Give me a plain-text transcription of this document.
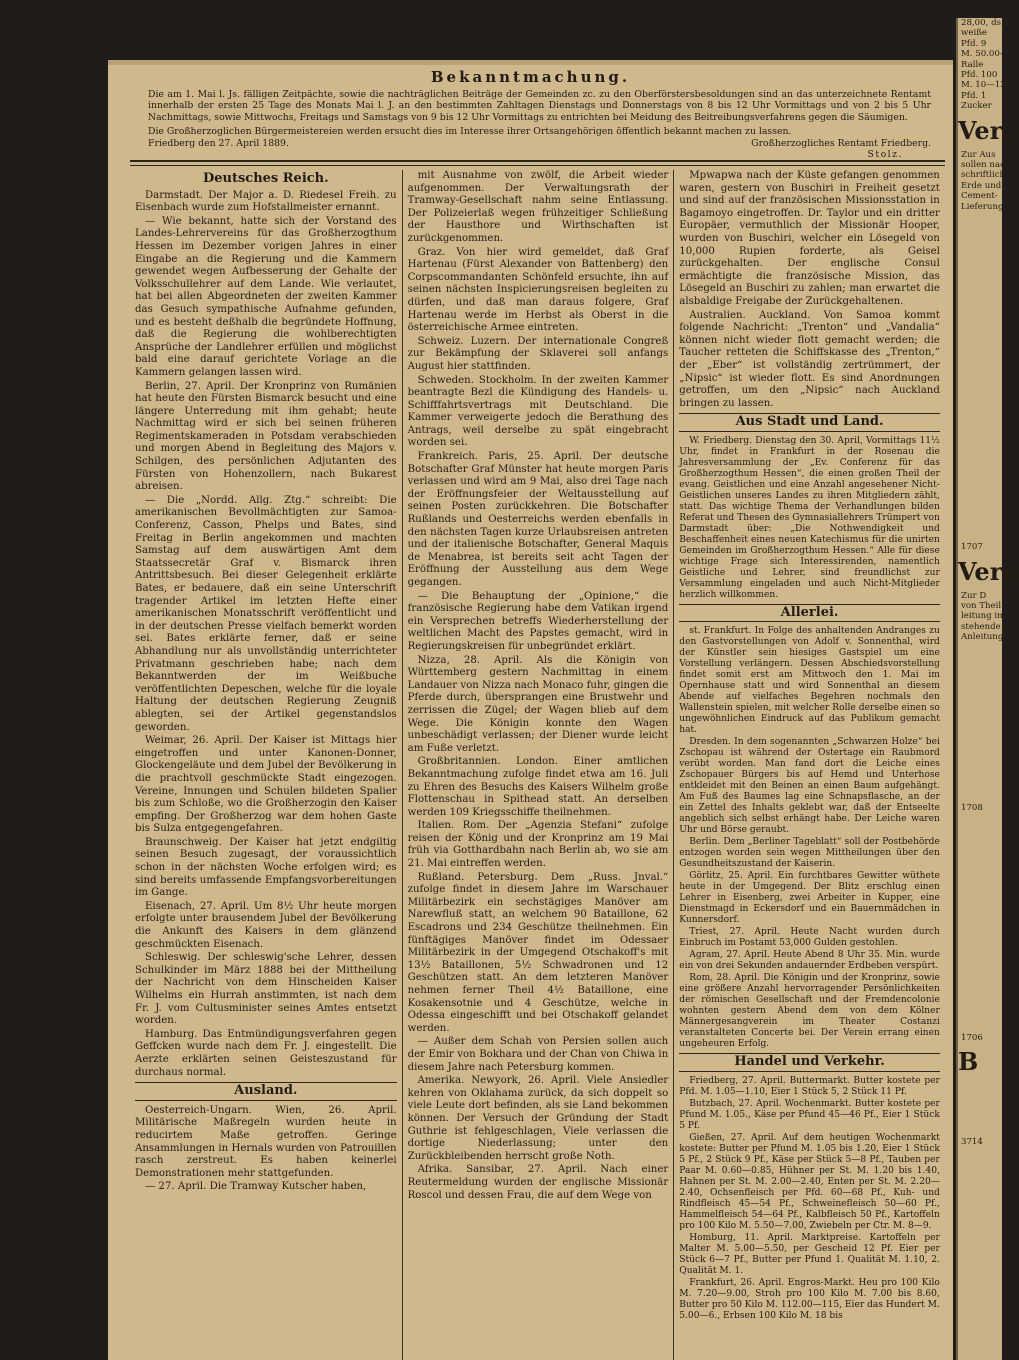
Bekanntmachung.
Die am 1. Mai l. Js. fälligen Zeitpächte, sowie die nachträglichen Beiträge der Gemeinden zc. zu den Oberförstersbesoldungen sind an das unterzeichnete Rentamt innerhalb der ersten 25 Tage des Monats Mai l. J. an den bestimmten Zahltagen Dienstags und Donnerstags von 8 bis 12 Uhr Vormittags und von 2 bis 5 Uhr Nachmittags, sowie Mittwochs, Freitags und Samstags von 9 bis 12 Uhr Vormittags zu entrichten bei Meidung des Beitreibungsverfahrens gegen die Säumigen.
Die Großherzoglichen Bürgermeistereien werden ersucht dies im Interesse ihrer Ortsangehörigen öffentlich bekannt machen zu lassen.
Friedberg den 27. April 1889.	Großherzogliches Rentamt Friedberg.
Stolz.
Deutsches Reich.

Darmstadt. Der Major a. D. Riedesel Freih. zu Eisenbach wurde zum Hofstallmeister ernannt.

— Wie bekannt, hatte sich der Vorstand des Landes-Lehrervereins für das Großherzogthum Hessen im Dezember vorigen Jahres in einer Eingabe an die Regierung und die Kammern gewendet wegen Aufbesserung der Gehalte der Volksschullehrer auf dem Lande. Wie verlautet, hat bei allen Abgeordneten der zweiten Kammer das Gesuch sympathische Aufnahme gefunden, und es besteht deßhalb die begründete Hoffnung, daß die Regierung die wohlberechtigten Ansprüche der Landlehrer erfüllen und möglichst bald eine darauf gerichtete Vorlage an die Kammern gelangen lassen wird.

Berlin, 27. April. Der Kronprinz von Rumänien hat heute den Fürsten Bismarck besucht und eine längere Unterredung mit ihm gehabt; heute Nachmittag wird er sich bei seinen früheren Regimentskameraden in Potsdam verabschieden und morgen Abend in Begleitung des Majors v. Schilgen, des persönlichen Adjutanten des Fürsten von Hohenzollern, nach Bukarest abreisen.

— Die „Nordd. Allg. Ztg.“ schreibt: Die amerikanischen Bevollmächtigten zur Samoa-Conferenz, Casson, Phelps und Bates, sind Freitag in Berlin angekommen und machten Samstag auf dem auswärtigen Amt dem Staatssecretär Graf v. Bismarck ihren Antrittsbesuch. Bei dieser Gelegenheit erklärte Bates, er bedauere, daß ein seine Unterschrift tragender Artikel im letzten Hefte einer amerikanischen Monatsschrift veröffentlicht und in der deutschen Presse vielfach bemerkt worden sei. Bates erklärte ferner, daß er seine Abhandlung nur als unvollständig unterrichteter Privatmann geschrieben habe; nach dem Bekanntwerden der im Weißbuche veröffentlichten Depeschen, welche für die loyale Haltung der deutschen Regierung Zeugniß ablegten, sei der Artikel gegenstandslos geworden.

Weimar, 26. April. Der Kaiser ist Mittags hier eingetroffen und unter Kanonen-Donner, Glockengeläute und dem Jubel der Bevölkerung in die prachtvoll geschmückte Stadt eingezogen. Vereine, Innungen und Schulen bildeten Spalier bis zum Schloße, wo die Großherzogin den Kaiser empfing. Der Großherzog war dem hohen Gaste bis Sulza entgegengefahren.

Braunschweig. Der Kaiser hat jetzt endgiltig seinen Besuch zugesagt, der voraussichtlich schon in der nächsten Woche erfolgen wird; es sind bereits umfassende Empfangsvorbereitungen im Gange.

Eisenach, 27. April. Um 8½ Uhr heute morgen erfolgte unter brausendem Jubel der Bevölkerung die Ankunft des Kaisers in dem glänzend geschmückten Eisenach.

Schleswig. Der schleswig'sche Lehrer, dessen Schulkinder im März 1888 bei der Mittheilung der Nachricht von dem Hinscheiden Kaiser Wilhelms ein Hurrah anstimmten, ist nach dem Fr. J. vom Cultusminister seines Amtes entsetzt worden.

Hamburg. Das Entmündigungsverfahren gegen Geffcken wurde nach dem Fr. J. eingestellt. Die Aerzte erklärten seinen Geisteszustand für durchaus normal.

Ausland.

Oesterreich-Ungarn. Wien, 26. April. Militärische Maßregeln wurden heute in reducirtem Maße getroffen. Geringe Ansammlungen in Hernals wurden von Patrouillen rasch zerstreut. Es haben keinerlei Demonstrationen mehr stattgefunden.

— 27. April. Die Tramway Kutscher haben,

mit Ausnahme von zwölf, die Arbeit wieder aufgenommen. Der Verwaltungsrath der Tramway-Gesellschaft nahm seine Entlassung. Der Polizeierlaß wegen frühzeitiger Schließung der Hausthore und Wirthschaften ist zurückgenommen.

Graz. Von hier wird gemeldet, daß Graf Hartenau (Fürst Alexander von Battenberg) den Corpscommandanten Schönfeld ersuchte, ihn auf seinen nächsten Inspicierungsreisen begleiten zu dürfen, und daß man daraus folgere, Graf Hartenau werde im Herbst als Oberst in die österreichische Armee eintreten.

Schweiz. Luzern. Der internationale Congreß zur Bekämpfung der Sklaverei soll anfangs August hier stattfinden.

Schweden. Stockholm. In der zweiten Kammer beantragte Bezl die Kündigung des Handels- u. Schifffahrtsvertrags mit Deutschland. Die Kammer verweigerte jedoch die Berathung des Antrags, weil derselbe zu spät eingebracht worden sei.

Frankreich. Paris, 25. April. Der deutsche Botschafter Graf Münster hat heute morgen Paris verlassen und wird am 9 Mai, also drei Tage nach der Eröffnungsfeier der Weltausstellung auf seinen Posten zurückkehren. Die Botschafter Rußlands und Oesterreichs werden ebenfalls in den nächsten Tagen kurze Urlaubsreisen antreten und der italienische Botschafter, General Maquis de Menabrea, ist bereits seit acht Tagen der Eröffnung der Ausstellung aus dem Wege gegangen.

— Die Behauptung der „Opinione,“ die französische Regierung habe dem Vatikan irgend ein Versprechen betreffs Wiederherstellung der weltlichen Macht des Papstes gemacht, wird in Regierungskreisen für unbegründet erklärt.

Nizza, 28. April. Als die Königin von Württemberg gestern Nachmittag in einem Landauer von Nizza nach Monaco fuhr, gingen die Pferde durch, übersprangen eine Brustwehr und zerrissen die Zügel; der Wagen blieb auf dem Wege. Die Königin konnte den Wagen unbeschädigt verlassen; der Diener wurde leicht am Fuße verletzt.

Großbritannien. London. Einer amtlichen Bekanntmachung zufolge findet etwa am 16. Juli zu Ehren des Besuchs des Kaisers Wilhelm große Flottenschau in Spithead statt. An derselben werden 109 Kriegsschiffe theilnehmen.

Italien. Rom. Der „Agenzia Stefani“ zufolge reisen der König und der Kronprinz am 19 Mai früh via Gotthardbahn nach Berlin ab, wo sie am 21. Mai eintreffen werden.

Rußland. Petersburg. Dem „Russ. Jnval.“ zufolge findet in diesem Jahre im Warschauer Militärbezirk ein sechstägiges Manöver am Narewfluß statt, an welchem 90 Bataillone, 62 Escadrons und 234 Geschütze theilnehmen. Ein fünftägiges Manöver findet im Odessaer Militärbezirk in der Umgegend Otschakoff's mit 13½ Bataillonen, 5½ Schwadronen und 12 Geschützen statt. An dem letzteren Manöver nehmen ferner Theil 4½ Bataillone, eine Kosakensotnie und 4 Geschütze, welche in Odessa eingeschifft und bei Otschakoff gelandet werden.

— Außer dem Schah von Persien sollen auch der Emir von Bokhara und der Chan von Chiwa in diesem Jahre nach Petersburg kommen.

Amerika. Newyork, 26. April. Viele Ansiedler kehren von Oklahama zurück, da sich doppelt so viele Leute dort befinden, als sie Land bekommen können. Der Versuch der Gründung der Stadt Guthrie ist fehlgeschlagen, Viele verlassen die dortige Niederlassung; unter den Zurückbleibenden herrscht große Noth.

Afrika. Sansibar, 27. April. Nach einer Reutermeldung wurden der englische Missionär Roscol und dessen Frau, die auf dem Wege von

Mpwapwa nach der Küste gefangen genommen waren, gestern von Buschiri in Freiheit gesetzt und sind auf der französischen Missionsstation in Bagamoyo eingetroffen. Dr. Taylor und ein dritter Europäer, vermuthlich der Missionär Hooper, wurden von Buschiri, welcher ein Lösegeld von 10,000 Rupien forderte, als Geisel zurückgehalten. Der englische Consul ermächtigte die französische Mission, das Lösegeld an Buschiri zu zahlen; man erwartet die alsbaldige Freigabe der Zurückgehaltenen.

Australien. Auckland. Von Samoa kommt folgende Nachricht: „Trenton“ und „Vandalia“ können nicht wieder flott gemacht werden; die Taucher retteten die Schiffskasse des „Trenton,“ der „Eber“ ist vollständig zertrümmert, der „Nipsic“ ist wieder flott. Es sind Anordnungen getroffen, um den „Nipsic“ nach Auckland bringen zu lassen.

Aus Stadt und Land.

W. Friedberg. Dienstag den 30. April, Vormittags 11½ Uhr, findet in Frankfurt in der Rosenau die Jahresversammlung der „Ev. Conferenz für das Großherzogthum Hessen“, die einen großen Theil der evang. Geistlichen und eine Anzahl angesehener Nicht-Geistlichen unseres Landes zu ihren Mitgliedern zählt, statt. Das wichtige Thema der Verhandlungen bilden Referat und Thesen des Gymnasiallehrers Trümpert von Darmstadt über: „Die Nothwendigkeit und Beschaffenheit eines neuen Katechismus für die unirten Gemeinden im Großherzogthum Hessen.“ Alle für diese wichtige Frage sich Interessirenden, namentlich Geistliche und Lehrer, sind freundlichst zur Versammlung eingeladen und auch Nicht-Mitglieder herzlich willkommen.

Allerlei.

st. Frankfurt. In Folge des anhaltenden Andranges zu den Gastvorstellungen von Adolf v. Sonnenthal, wird der Künstler sein hiesiges Gastspiel um eine Vorstellung verlängern. Dessen Abschiedsvorstellung findet somit erst am Mittwoch den 1. Mai im Opernhause statt und wird Sonnenthal an diesem Abende auf vielfaches Begehren nochmals den Wallenstein spielen, mit welcher Rolle derselbe einen so ungewöhnlichen Eindruck auf das Publikum gemacht hat.

Dresden. In dem sogenannten „Schwarzen Holze“ bei Zschopau ist während der Ostertage ein Raubmord verübt worden. Man fand dort die Leiche eines Zschopauer Bürgers bis auf Hemd und Unterhose entkleidet mit den Beinen an einen Baum aufgehängt. Am Fuß des Baumes lag eine Schnapsflasche, an der ein Zettel des Inhalts geklebt war, daß der Entseelte angeblich sich selbst erhängt habe. Der Leiche waren Uhr und Börse geraubt.

Berlin. Dem „Berliner Tageblatt“ soll der Postbehörde entzogen worden sein wegen Mittheilungen über den Gesundheitszustand der Kaiserin.

Görlitz, 25. April. Ein furchtbares Gewitter wüthete heute in der Umgegend. Der Blitz erschlug einen Lehrer in Eisenberg, zwei Arbeiter in Kupper, eine Dienstmagd in Eckersdorf und ein Bauernmädchen in Kunnersdorf.

Triest, 27. April. Heute Nacht wurden durch Einbruch im Postamt 53,000 Gulden gestohlen.

Agram, 27. April. Heute Abend 8 Uhr 35. Min. wurde ein von drei Sekunden andauernder Erdbeben verspürt.

Rom, 28. April. Die Königin und der Kronprinz, sowie eine größere Anzahl hervorragender Persönlichkeiten der römischen Gesellschaft und der Fremdencolonie wohnten gestern Abend dem von dem Kölner Männergesangverein im Theater Costanzi veranstalteten Concerte bei. Der Verein errang einen ungeheuren Erfolg.

Handel und Verkehr.

Friedberg, 27. April. Buttermarkt. Butter kostete per Pfd. M. 1.05—1.10, Eier 1 Stück 5, 2 Stück 11 Pf.

Butzbach, 27. April. Wochenmarkt. Butter kostete per Pfund M. 1.05., Käse per Pfund 45—46 Pf., Eier 1 Stück 5 Pf.

Gießen, 27. April. Auf dem heutigen Wochenmarkt kostete: Butter per Pfund M. 1.05 bis 1.20, Eier 1 Stück 5 Pf., 2 Stück 9 Pf., Käse per Stück 5—8 Pf., Tauben per Paar M. 0.60—0.85, Hühner per St. M. 1.20 bis 1.40, Hahnen per St. M. 2.00—2.40, Enten per St. M. 2.20—2.40, Ochsenfleisch per Pfd. 60—68 Pf., Kuh- und Rindfleisch 45—54 Pf., Schweinefleisch 50—60 Pf., Hammelfleisch 54—64 Pf., Kalbfleisch 50 Pf., Kartoffeln pro 100 Kilo M. 5.50—7.00, Zwiebeln per Ctr. M. 8—9.

Homburg, 11. April. Marktpreise. Kartoffeln per Malter M. 5.00—5.50, per Gescheid 12 Pf. Eier per Stück 6—7 Pf., Butter per Pfund 1. Qualität M. 1.10, 2. Qualität M. 1.

Frankfurt, 26. April. Engros-Markt. Heu pro 100 Kilo M. 7.20—9.00, Stroh pro 100 Kilo M. 7.00 bis 8.60, Butter pro 50 Kilo M. 112.00—115, Eier das Hundert M. 5.00—6., Erbsen 100 Kilo M. 18 bis

28,00, ds
weiße
Pfd. 9
M. 50.00-
Ralle
Pfd. 100
M. 10—12,
Pfd. 1
Zucker
Verg
Zur Aus
sollen nach
schriftliche
Erde und
Cement-
Lieferung
1707
Verg
Zur D
von Theil
leitung im
stehende
Anleitung
1708
1706
B
3714
